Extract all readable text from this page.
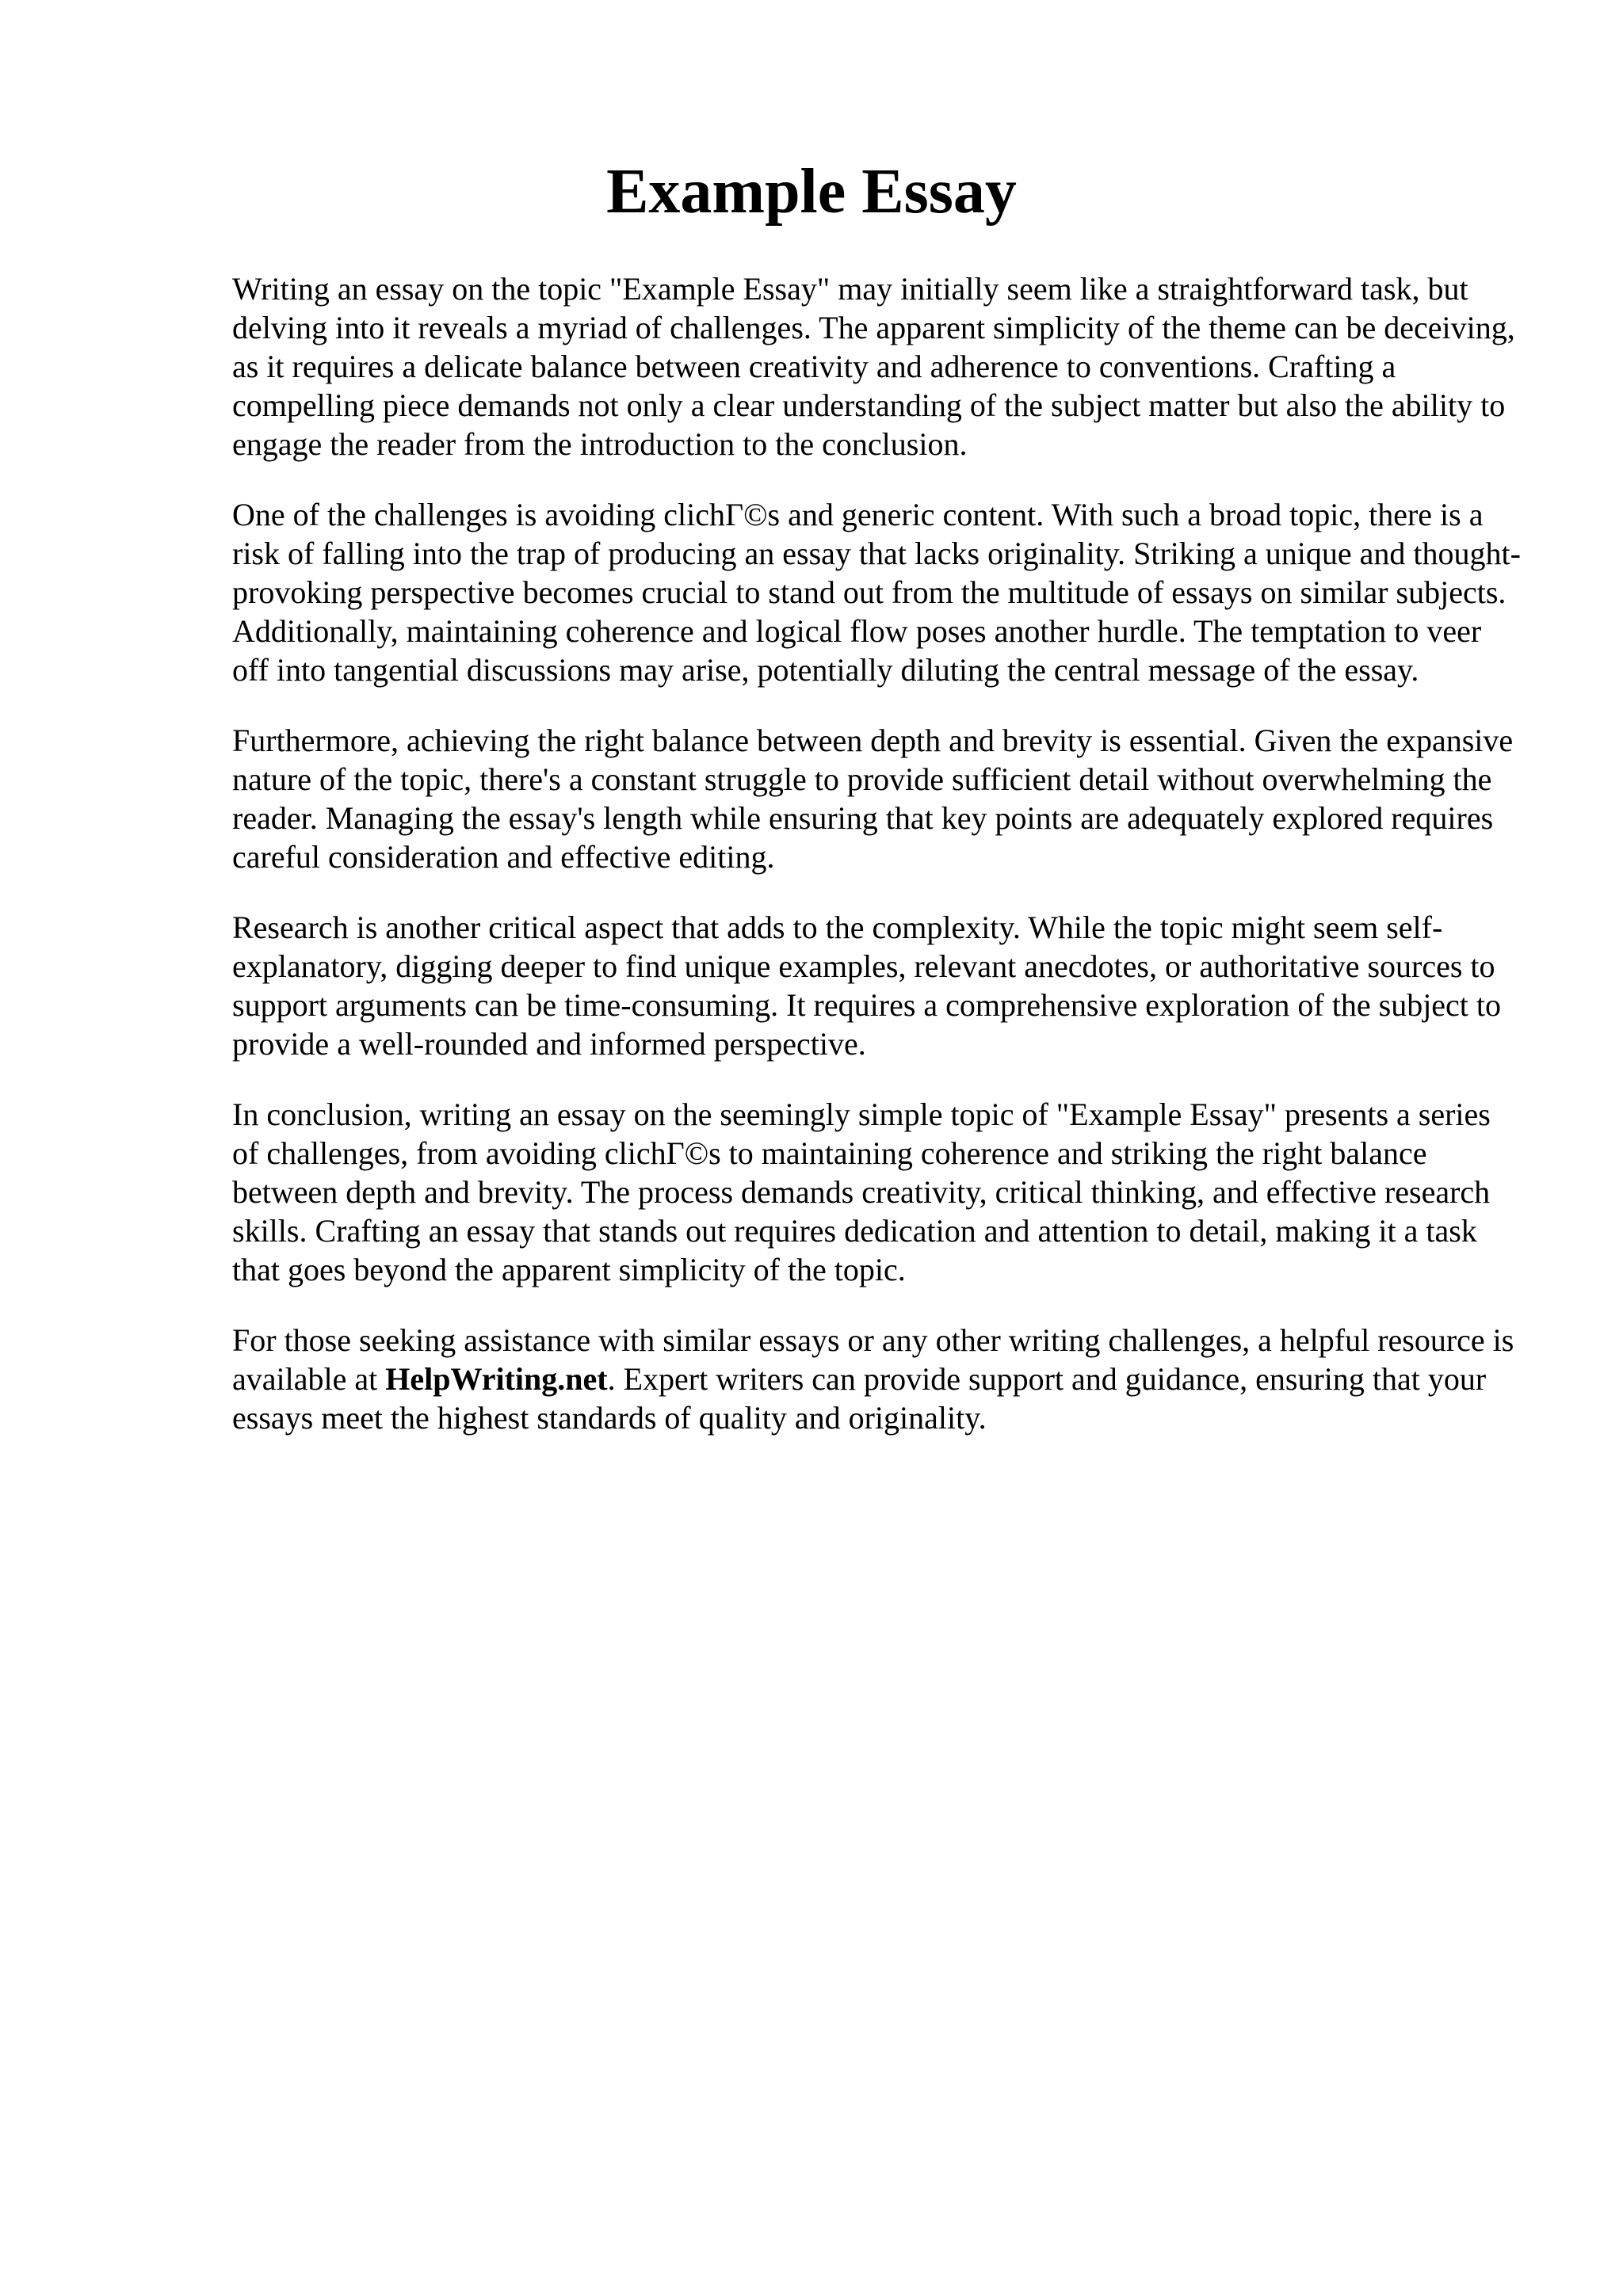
Example Essay

Writing an essay on the topic "Example Essay" may initially seem like a straightforward task, but delving into it reveals a myriad of challenges. The apparent simplicity of the theme can be deceiving, as it requires a delicate balance between creativity and adherence to conventions. Crafting a compelling piece demands not only a clear understanding of the subject matter but also the ability to engage the reader from the introduction to the conclusion.

One of the challenges is avoiding clichΓ©s and generic content. With such a broad topic, there is a risk of falling into the trap of producing an essay that lacks originality. Striking a unique and thought-provoking perspective becomes crucial to stand out from the multitude of essays on similar subjects. Additionally, maintaining coherence and logical flow poses another hurdle. The temptation to veer off into tangential discussions may arise, potentially diluting the central message of the essay.

Furthermore, achieving the right balance between depth and brevity is essential. Given the expansive nature of the topic, there's a constant struggle to provide sufficient detail without overwhelming the reader. Managing the essay's length while ensuring that key points are adequately explored requires careful consideration and effective editing.

Research is another critical aspect that adds to the complexity. While the topic might seem self-explanatory, digging deeper to find unique examples, relevant anecdotes, or authoritative sources to support arguments can be time-consuming. It requires a comprehensive exploration of the subject to provide a well-rounded and informed perspective.

In conclusion, writing an essay on the seemingly simple topic of "Example Essay" presents a series of challenges, from avoiding clichΓ©s to maintaining coherence and striking the right balance between depth and brevity. The process demands creativity, critical thinking, and effective research skills. Crafting an essay that stands out requires dedication and attention to detail, making it a task that goes beyond the apparent simplicity of the topic.

For those seeking assistance with similar essays or any other writing challenges, a helpful resource is available at HelpWriting.net. Expert writers can provide support and guidance, ensuring that your essays meet the highest standards of quality and originality.
